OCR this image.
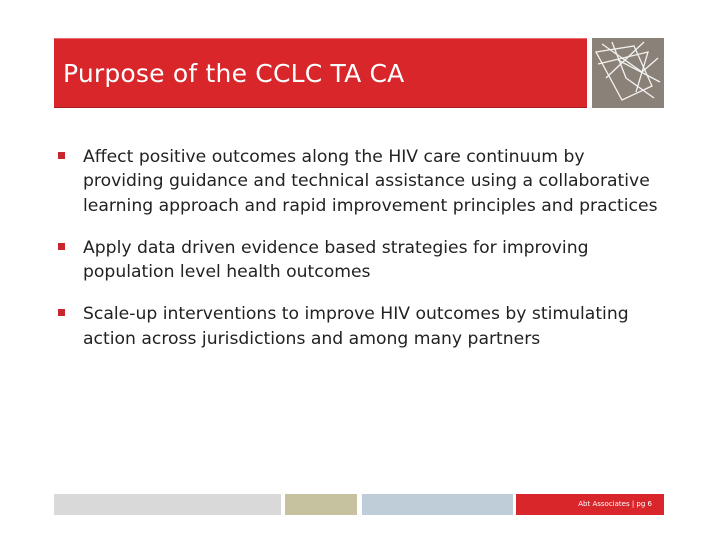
Purpose of the CCLC TA CA
Affect positive outcomes along the HIV care continuum by providing guidance and technical assistance using a collaborative learning approach and rapid improvement principles and practices
Apply data driven evidence based strategies for improving population level health outcomes
Scale-up interventions to improve HIV outcomes by stimulating action across jurisdictions and among many partners
Abt Associates | pg 6
